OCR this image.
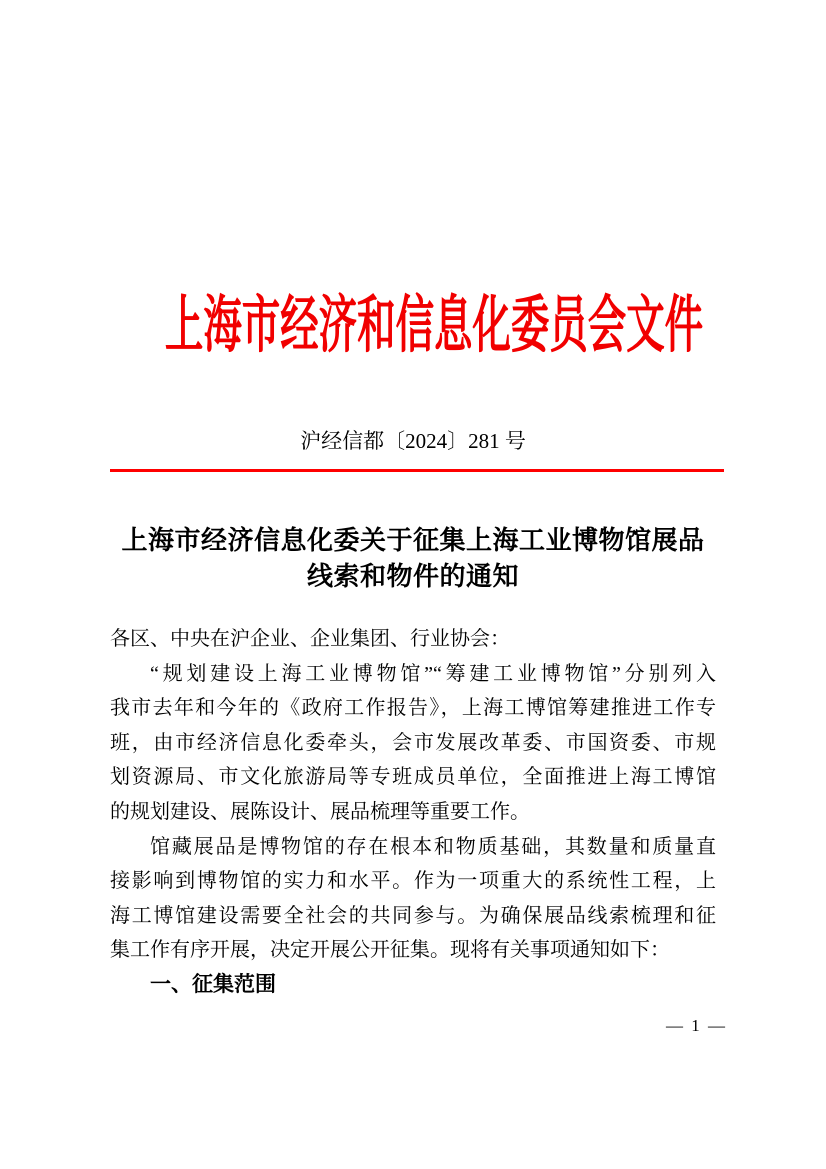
上海市经济和信息化委员会文件
沪经信都〔2024〕281 号
上海市经济信息化委关于征集上海工业博物馆展品
线索和物件的通知
各区、中央在沪企业、企业集团、行业协会：
“规划建设上海工业博物馆”“筹建工业博物馆”分别列入
我市去年和今年的《政府工作报告》，上海工博馆筹建推进工作专
班，由市经济信息化委牵头，会市发展改革委、市国资委、市规
划资源局、市文化旅游局等专班成员单位，全面推进上海工博馆
的规划建设、展陈设计、展品梳理等重要工作。
馆藏展品是博物馆的存在根本和物质基础，其数量和质量直
接影响到博物馆的实力和水平。作为一项重大的系统性工程，上
海工博馆建设需要全社会的共同参与。为确保展品线索梳理和征
集工作有序开展，决定开展公开征集。现将有关事项通知如下：
一、征集范围
— 1 —
